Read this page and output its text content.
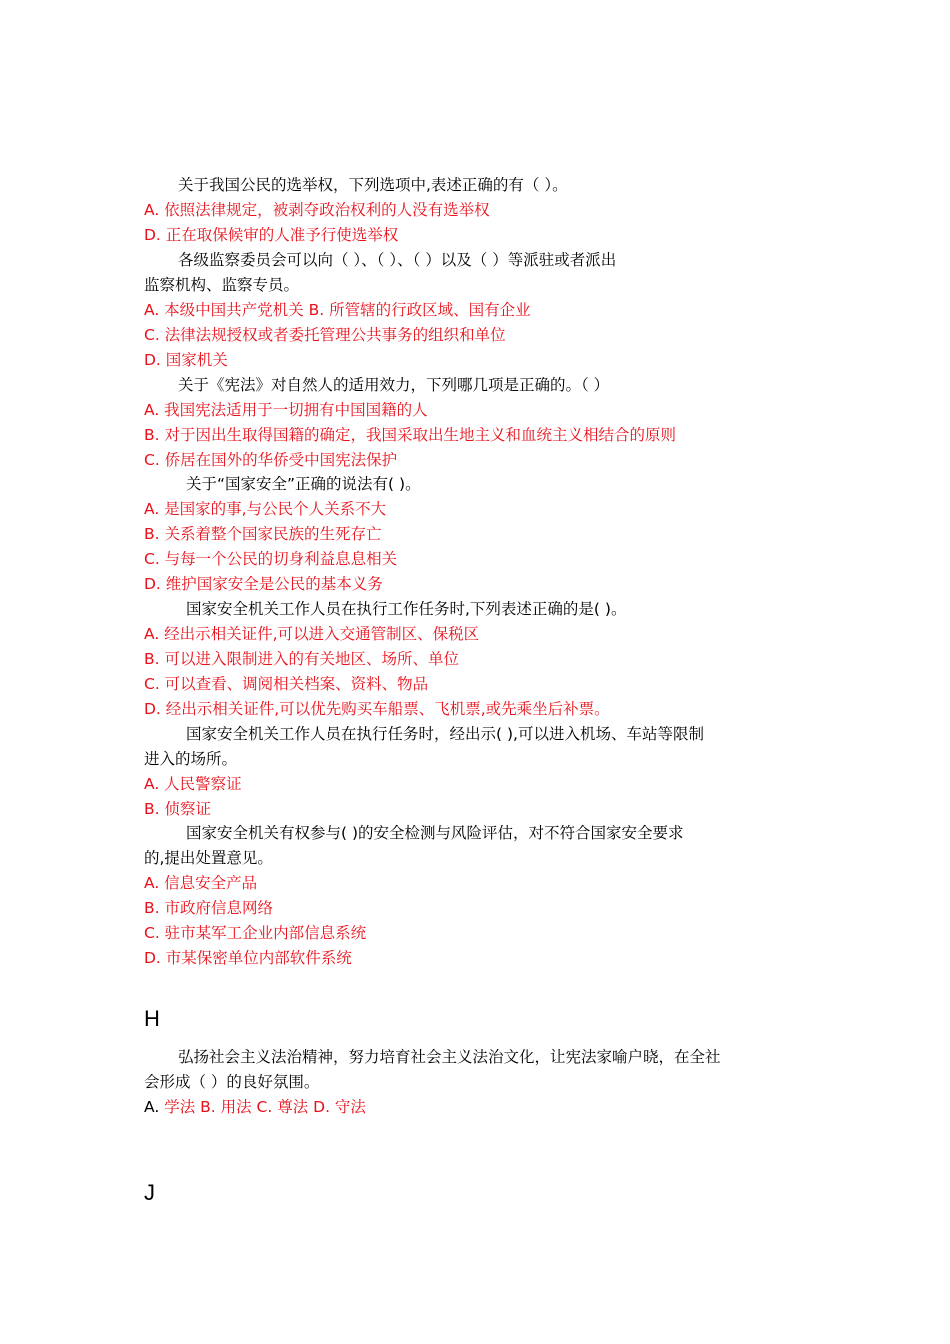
关于我国公民的选举权，下列选项中,表述正确的有（ ）。
A. 依照法律规定，被剥夺政治权利的人没有选举权
D. 正在取保候审的人准予行使选举权
各级监察委员会可以向（ ）、（ ）、（ ）以及（ ）等派驻或者派出
监察机构、监察专员。
A. 本级中国共产党机关 B. 所管辖的行政区域、国有企业
C. 法律法规授权或者委托管理公共事务的组织和单位
D. 国家机关
关于《宪法》对自然人的适用效力，下列哪几项是正确的。（ ）
A. 我国宪法适用于一切拥有中国国籍的人
B. 对于因出生取得国籍的确定，我国采取出生地主义和血统主义相结合的原则
C. 侨居在国外的华侨受中国宪法保护
关于“国家安全”正确的说法有( )。
A. 是国家的事,与公民个人关系不大
B. 关系着整个国家民族的生死存亡
C. 与每一个公民的切身利益息息相关
D. 维护国家安全是公民的基本义务
国家安全机关工作人员在执行工作任务时,下列表述正确的是( )。
A. 经出示相关证件,可以进入交通管制区、保税区
B. 可以进入限制进入的有关地区、场所、单位
C. 可以查看、调阅相关档案、资料、物品
D. 经出示相关证件,可以优先购买车船票、飞机票,或先乘坐后补票。
国家安全机关工作人员在执行任务时，经出示( ),可以进入机场、车站等限制
进入的场所。
A. 人民警察证
B. 侦察证
国家安全机关有权参与( )的安全检测与风险评估，对不符合国家安全要求
的,提出处置意见。
A. 信息安全产品
B. 市政府信息网络
C. 驻市某军工企业内部信息系统
D. 市某保密单位内部软件系统
H
弘扬社会主义法治精神，努力培育社会主义法治文化，让宪法家喻户晓，在全社
会形成（ ）的良好氛围。
A. 学法 B. 用法 C. 尊法 D. 守法
J
